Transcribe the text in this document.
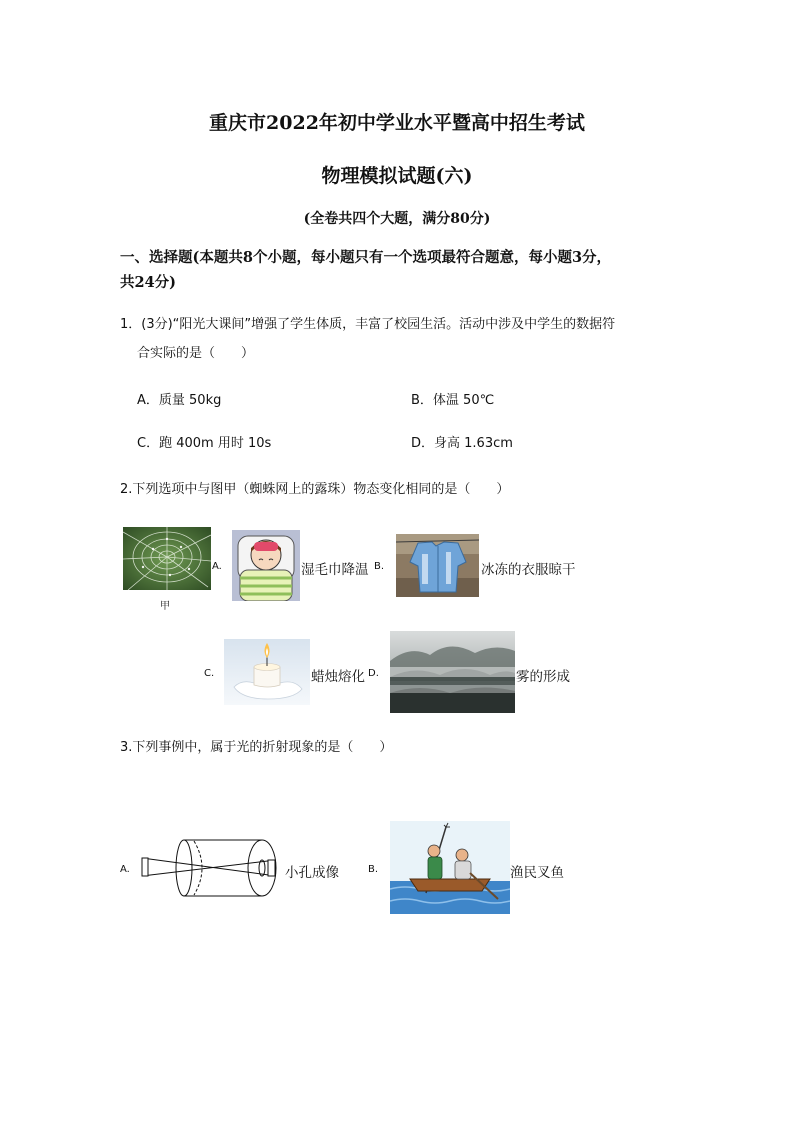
重庆市2022年初中学业水平暨高中招生考试
物理模拟试题(六)
(全卷共四个大题，满分80分)
一、选择题(本题共8个小题，每小题只有一个选项最符合题意，每小题3分，
共24分)
1．(3分)“阳光大课间”增强了学生体质，丰富了校园生活。活动中涉及中学生的数据符
合实际的是（　　）
A．质量 50kg	B．体温 50℃
C．跑 400m 用时 10s	D．身高 1.63cm
2.下列选项中与图甲（蜘蛛网上的露珠）物态变化相同的是（　　）
甲
A.	湿毛巾降温 B.	冰冻的衣服晾干
C.	蜡烛熔化 D.	雾的形成
3.下列事例中，属于光的折射现象的是（　　）
A.	小孔成像	B.	渔民叉鱼
